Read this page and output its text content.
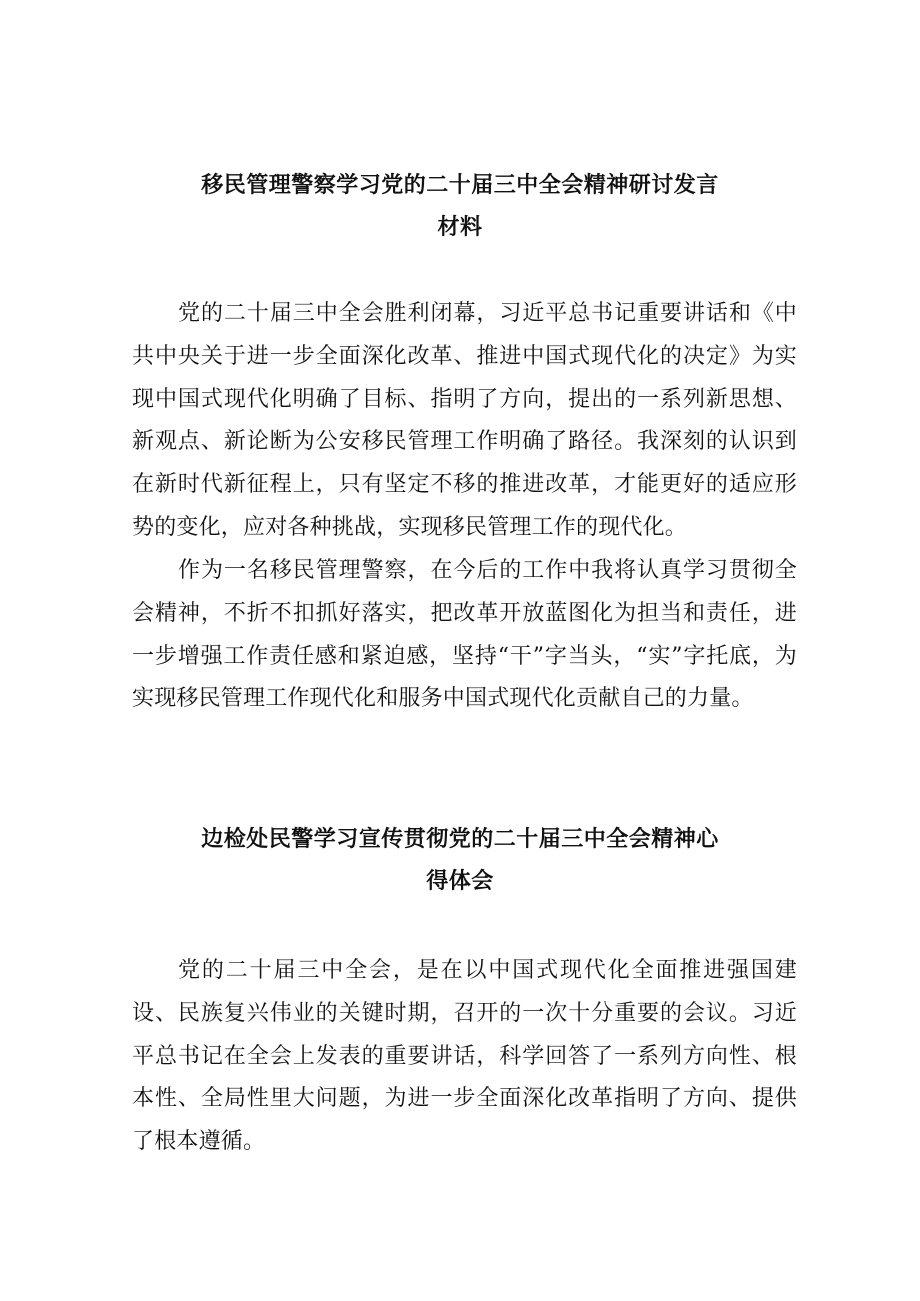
移民管理警察学习党的二十届三中全会精神研讨发言
材料
党的二十届三中全会胜利闭幕，习近平总书记重要讲话和《中共中央关于进一步全面深化改革、推进中国式现代化的决定》为实现中国式现代化明确了目标、指明了方向，提出的一系列新思想、新观点、新论断为公安移民管理工作明确了路径。我深刻的认识到在新时代新征程上，只有坚定不移的推进改革，才能更好的适应形势的变化，应对各种挑战，实现移民管理工作的现代化。
作为一名移民管理警察，在今后的工作中我将认真学习贯彻全会精神，不折不扣抓好落实，把改革开放蓝图化为担当和责任，进一步增强工作责任感和紧迫感，坚持“干”字当头，“实”字托底，为实现移民管理工作现代化和服务中国式现代化贡献自己的力量。
边检处民警学习宣传贯彻党的二十届三中全会精神心
得体会
党的二十届三中全会，是在以中国式现代化全面推进强国建设、民族复兴伟业的关键时期，召开的一次十分重要的会议。习近平总书记在全会上发表的重要讲话，科学回答了一系列方向性、根本性、全局性里大问题，为进一步全面深化改革指明了方向、提供了根本遵循。
